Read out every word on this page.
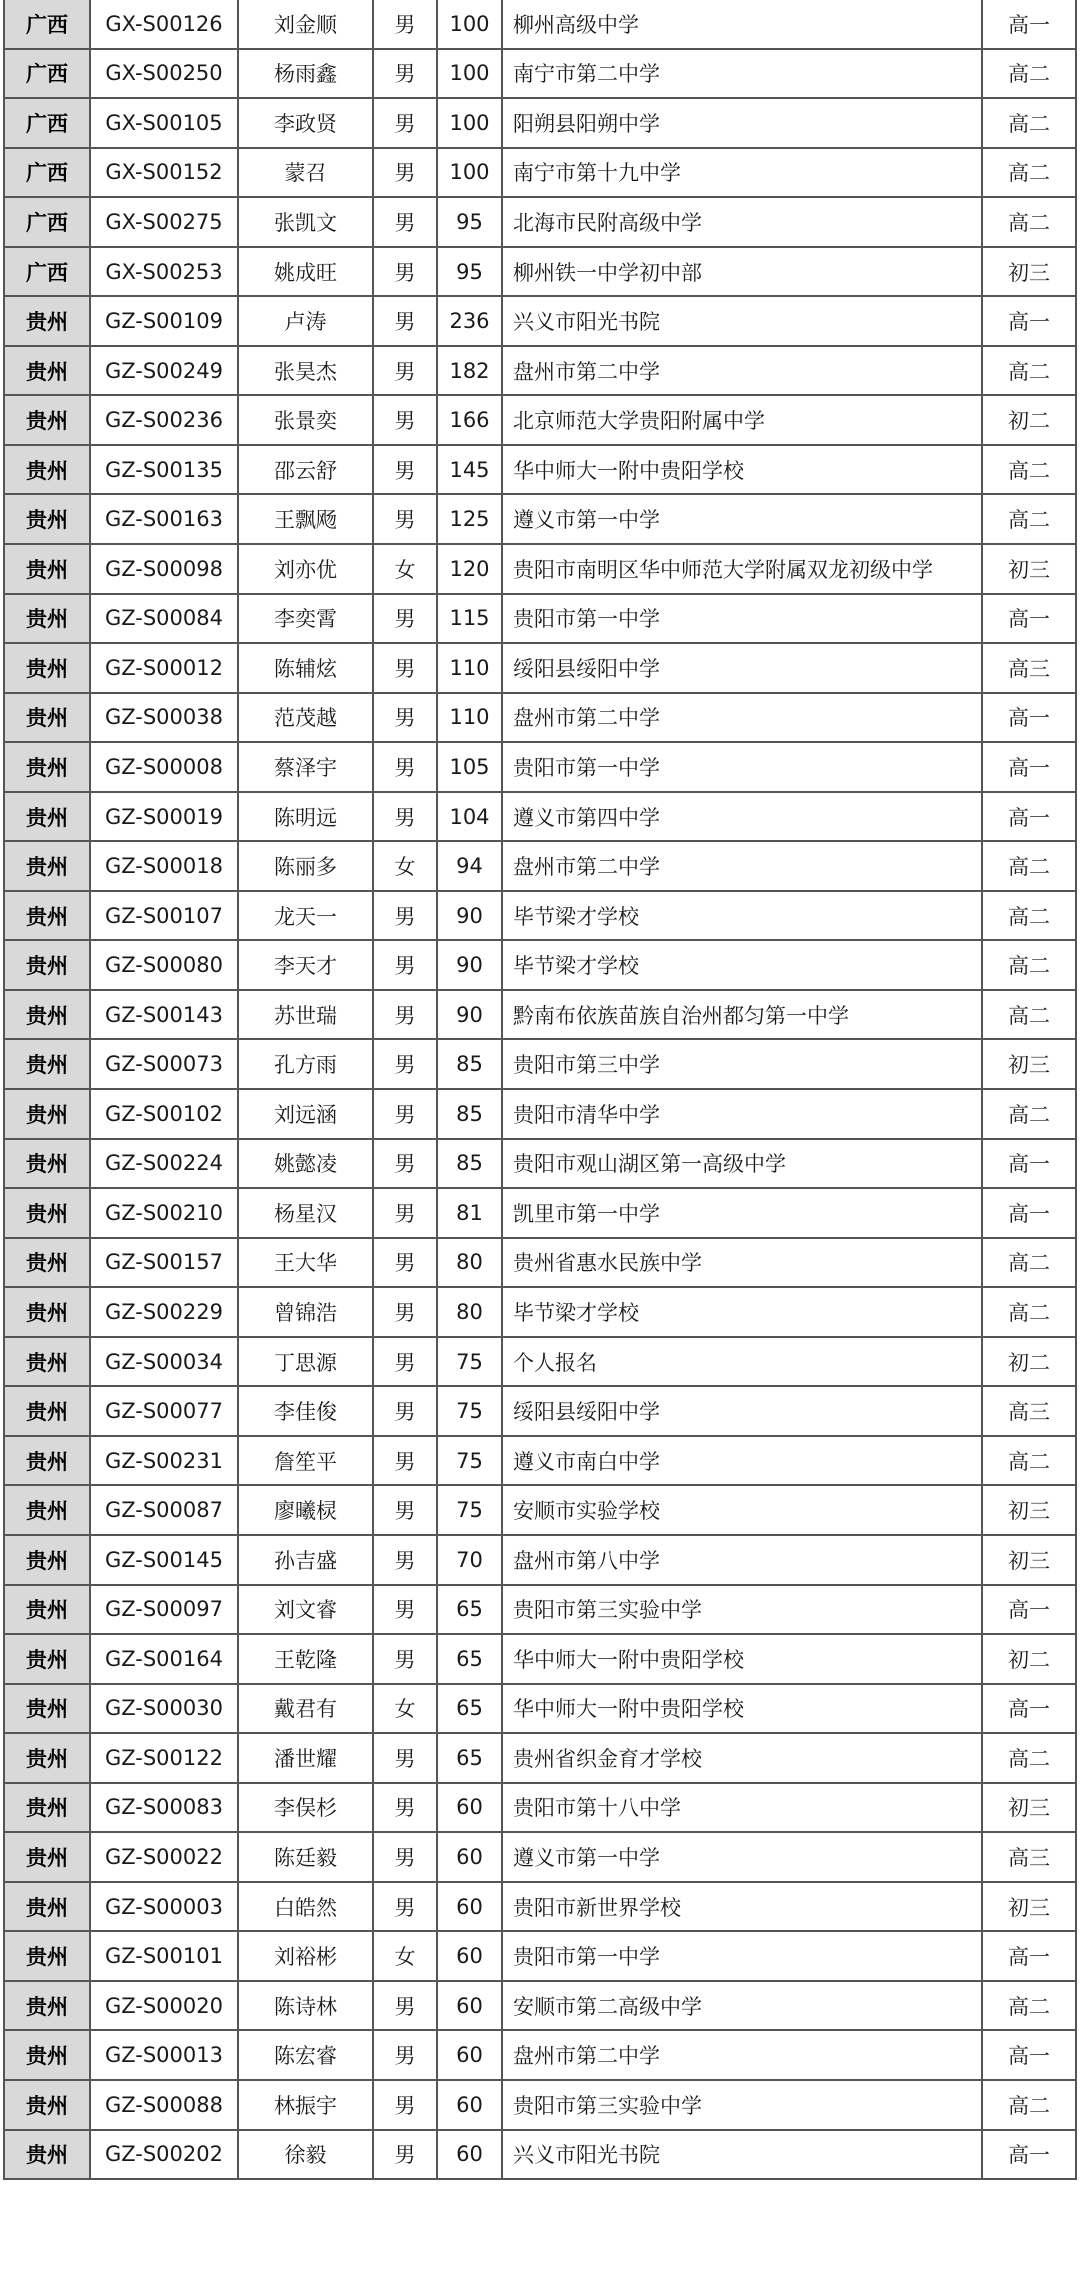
广西	GX-S00126	刘金顺	男	100	柳州高级中学	高一
广西	GX-S00250	杨雨鑫	男	100	南宁市第二中学	高二
广西	GX-S00105	李政贤	男	100	阳朔县阳朔中学	高二
广西	GX-S00152	蒙召	男	100	南宁市第十九中学	高二
广西	GX-S00275	张凯文	男	95	北海市民附高级中学	高二
广西	GX-S00253	姚成旺	男	95	柳州铁一中学初中部	初三
贵州	GZ-S00109	卢涛	男	236	兴义市阳光书院	高一
贵州	GZ-S00249	张昊杰	男	182	盘州市第二中学	高二
贵州	GZ-S00236	张景奕	男	166	北京师范大学贵阳附属中学	初二
贵州	GZ-S00135	邵云舒	男	145	华中师大一附中贵阳学校	高二
贵州	GZ-S00163	王飘飏	男	125	遵义市第一中学	高二
贵州	GZ-S00098	刘亦优	女	120	贵阳市南明区华中师范大学附属双龙初级中学	初三
贵州	GZ-S00084	李奕霄	男	115	贵阳市第一中学	高一
贵州	GZ-S00012	陈辅炫	男	110	绥阳县绥阳中学	高三
贵州	GZ-S00038	范茂越	男	110	盘州市第二中学	高一
贵州	GZ-S00008	蔡泽宇	男	105	贵阳市第一中学	高一
贵州	GZ-S00019	陈明远	男	104	遵义市第四中学	高一
贵州	GZ-S00018	陈丽多	女	94	盘州市第二中学	高二
贵州	GZ-S00107	龙天一	男	90	毕节梁才学校	高二
贵州	GZ-S00080	李天才	男	90	毕节梁才学校	高二
贵州	GZ-S00143	苏世瑞	男	90	黔南布依族苗族自治州都匀第一中学	高二
贵州	GZ-S00073	孔方雨	男	85	贵阳市第三中学	初三
贵州	GZ-S00102	刘远涵	男	85	贵阳市清华中学	高二
贵州	GZ-S00224	姚懿凌	男	85	贵阳市观山湖区第一高级中学	高一
贵州	GZ-S00210	杨星汉	男	81	凯里市第一中学	高一
贵州	GZ-S00157	王大华	男	80	贵州省惠水民族中学	高二
贵州	GZ-S00229	曾锦浩	男	80	毕节梁才学校	高二
贵州	GZ-S00034	丁思源	男	75	个人报名	初二
贵州	GZ-S00077	李佳俊	男	75	绥阳县绥阳中学	高三
贵州	GZ-S00231	詹笙平	男	75	遵义市南白中学	高二
贵州	GZ-S00087	廖曦棂	男	75	安顺市实验学校	初三
贵州	GZ-S00145	孙吉盛	男	70	盘州市第八中学	初三
贵州	GZ-S00097	刘文睿	男	65	贵阳市第三实验中学	高一
贵州	GZ-S00164	王乾隆	男	65	华中师大一附中贵阳学校	初二
贵州	GZ-S00030	戴君有	女	65	华中师大一附中贵阳学校	高一
贵州	GZ-S00122	潘世耀	男	65	贵州省织金育才学校	高二
贵州	GZ-S00083	李俣杉	男	60	贵阳市第十八中学	初三
贵州	GZ-S00022	陈廷毅	男	60	遵义市第一中学	高三
贵州	GZ-S00003	白皓然	男	60	贵阳市新世界学校	初三
贵州	GZ-S00101	刘裕彬	女	60	贵阳市第一中学	高一
贵州	GZ-S00020	陈诗林	男	60	安顺市第二高级中学	高二
贵州	GZ-S00013	陈宏睿	男	60	盘州市第二中学	高一
贵州	GZ-S00088	林振宇	男	60	贵阳市第三实验中学	高二
贵州	GZ-S00202	徐毅	男	60	兴义市阳光书院	高一
